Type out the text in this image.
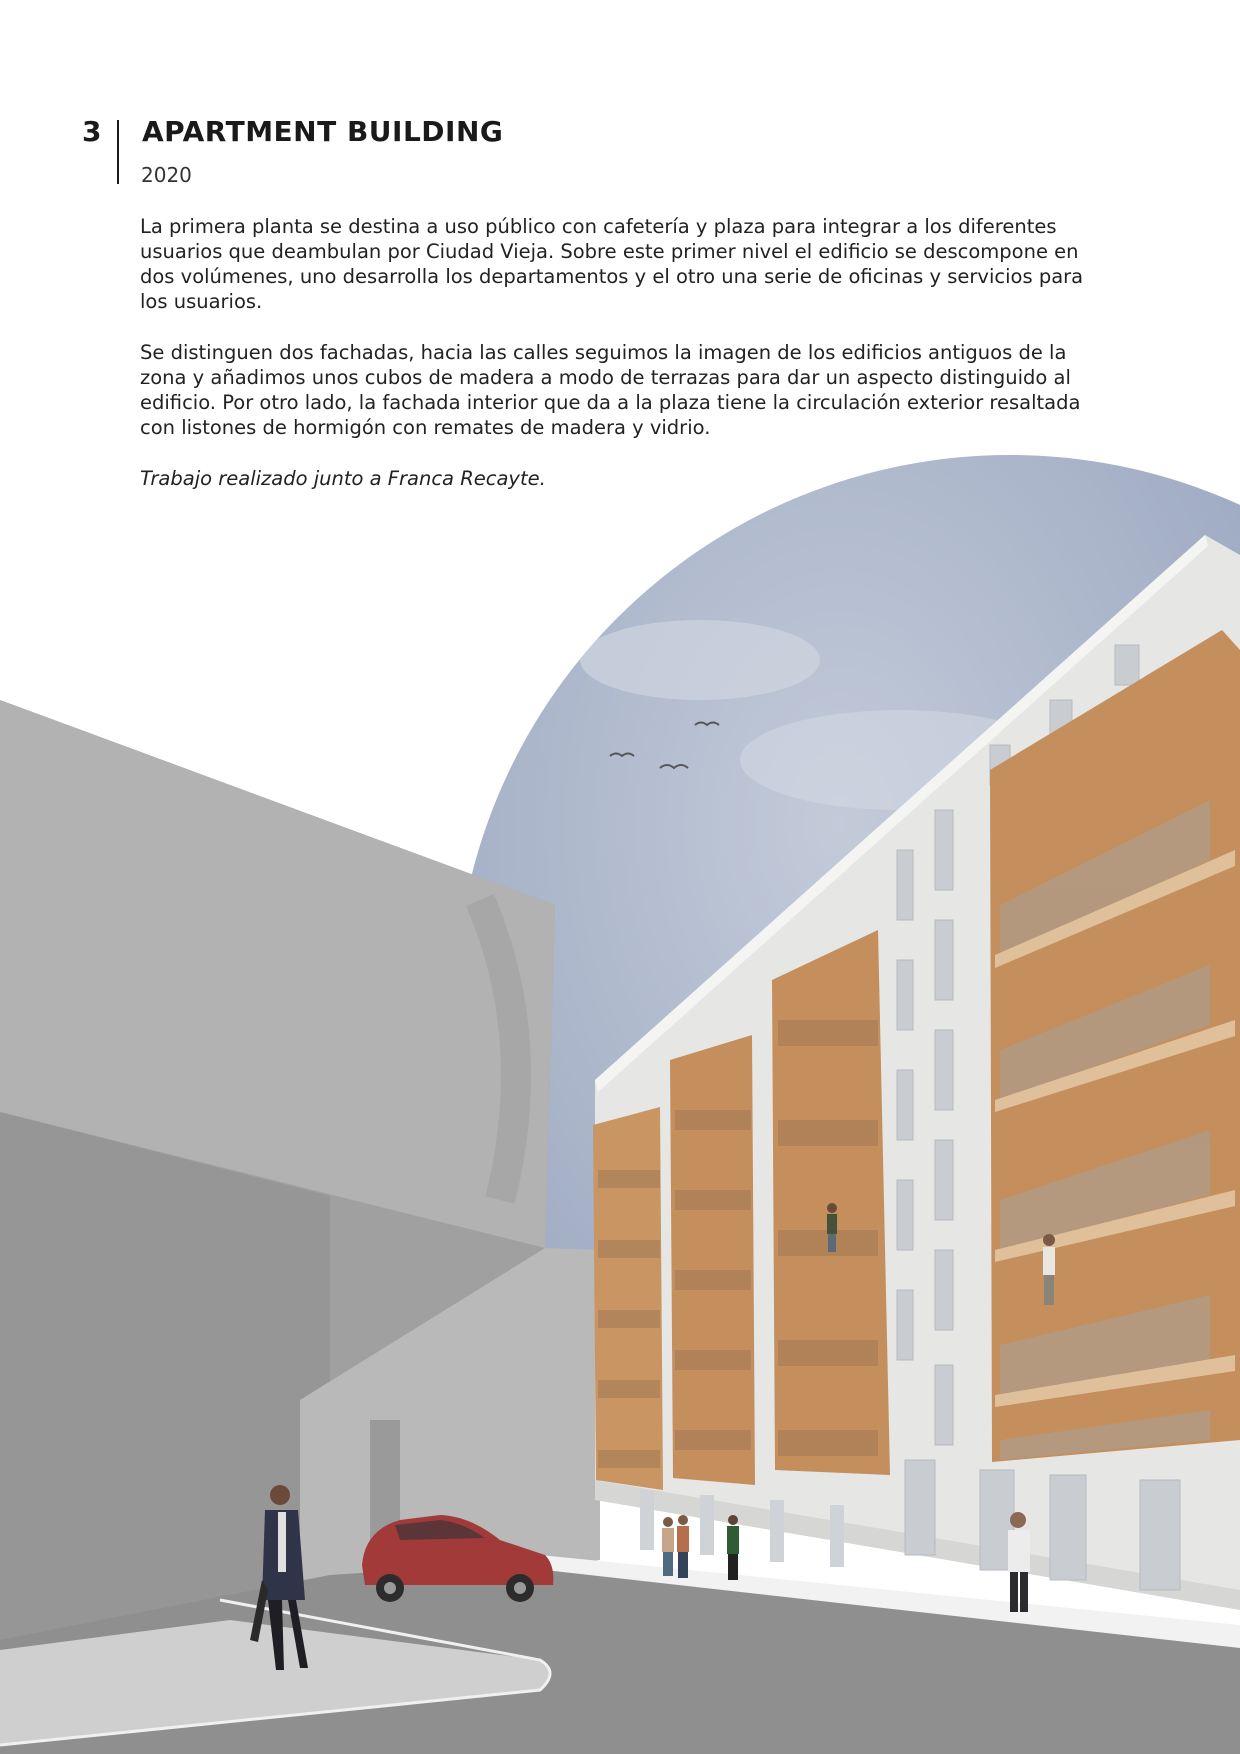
3 APARTMENT BUILDING
2020

La primera planta se destina a uso público con cafetería y plaza para integrar a los diferentes usuarios que deambulan por Ciudad Vieja. Sobre este primer nivel el edificio se descompone en dos volúmenes, uno desarrolla los departamentos y el otro una serie de oficinas y servicios para los usuarios.

Se distinguen dos fachadas, hacia las calles seguimos la imagen de los edificios antiguos de la zona y añadimos unos cubos de madera a modo de terrazas para dar un aspecto distinguido al edificio. Por otro lado, la fachada interior que da a la plaza tiene la circulación exterior resaltada con listones de hormigón con remates de madera y vidrio.

Trabajo realizado junto a Franca Recayte.
